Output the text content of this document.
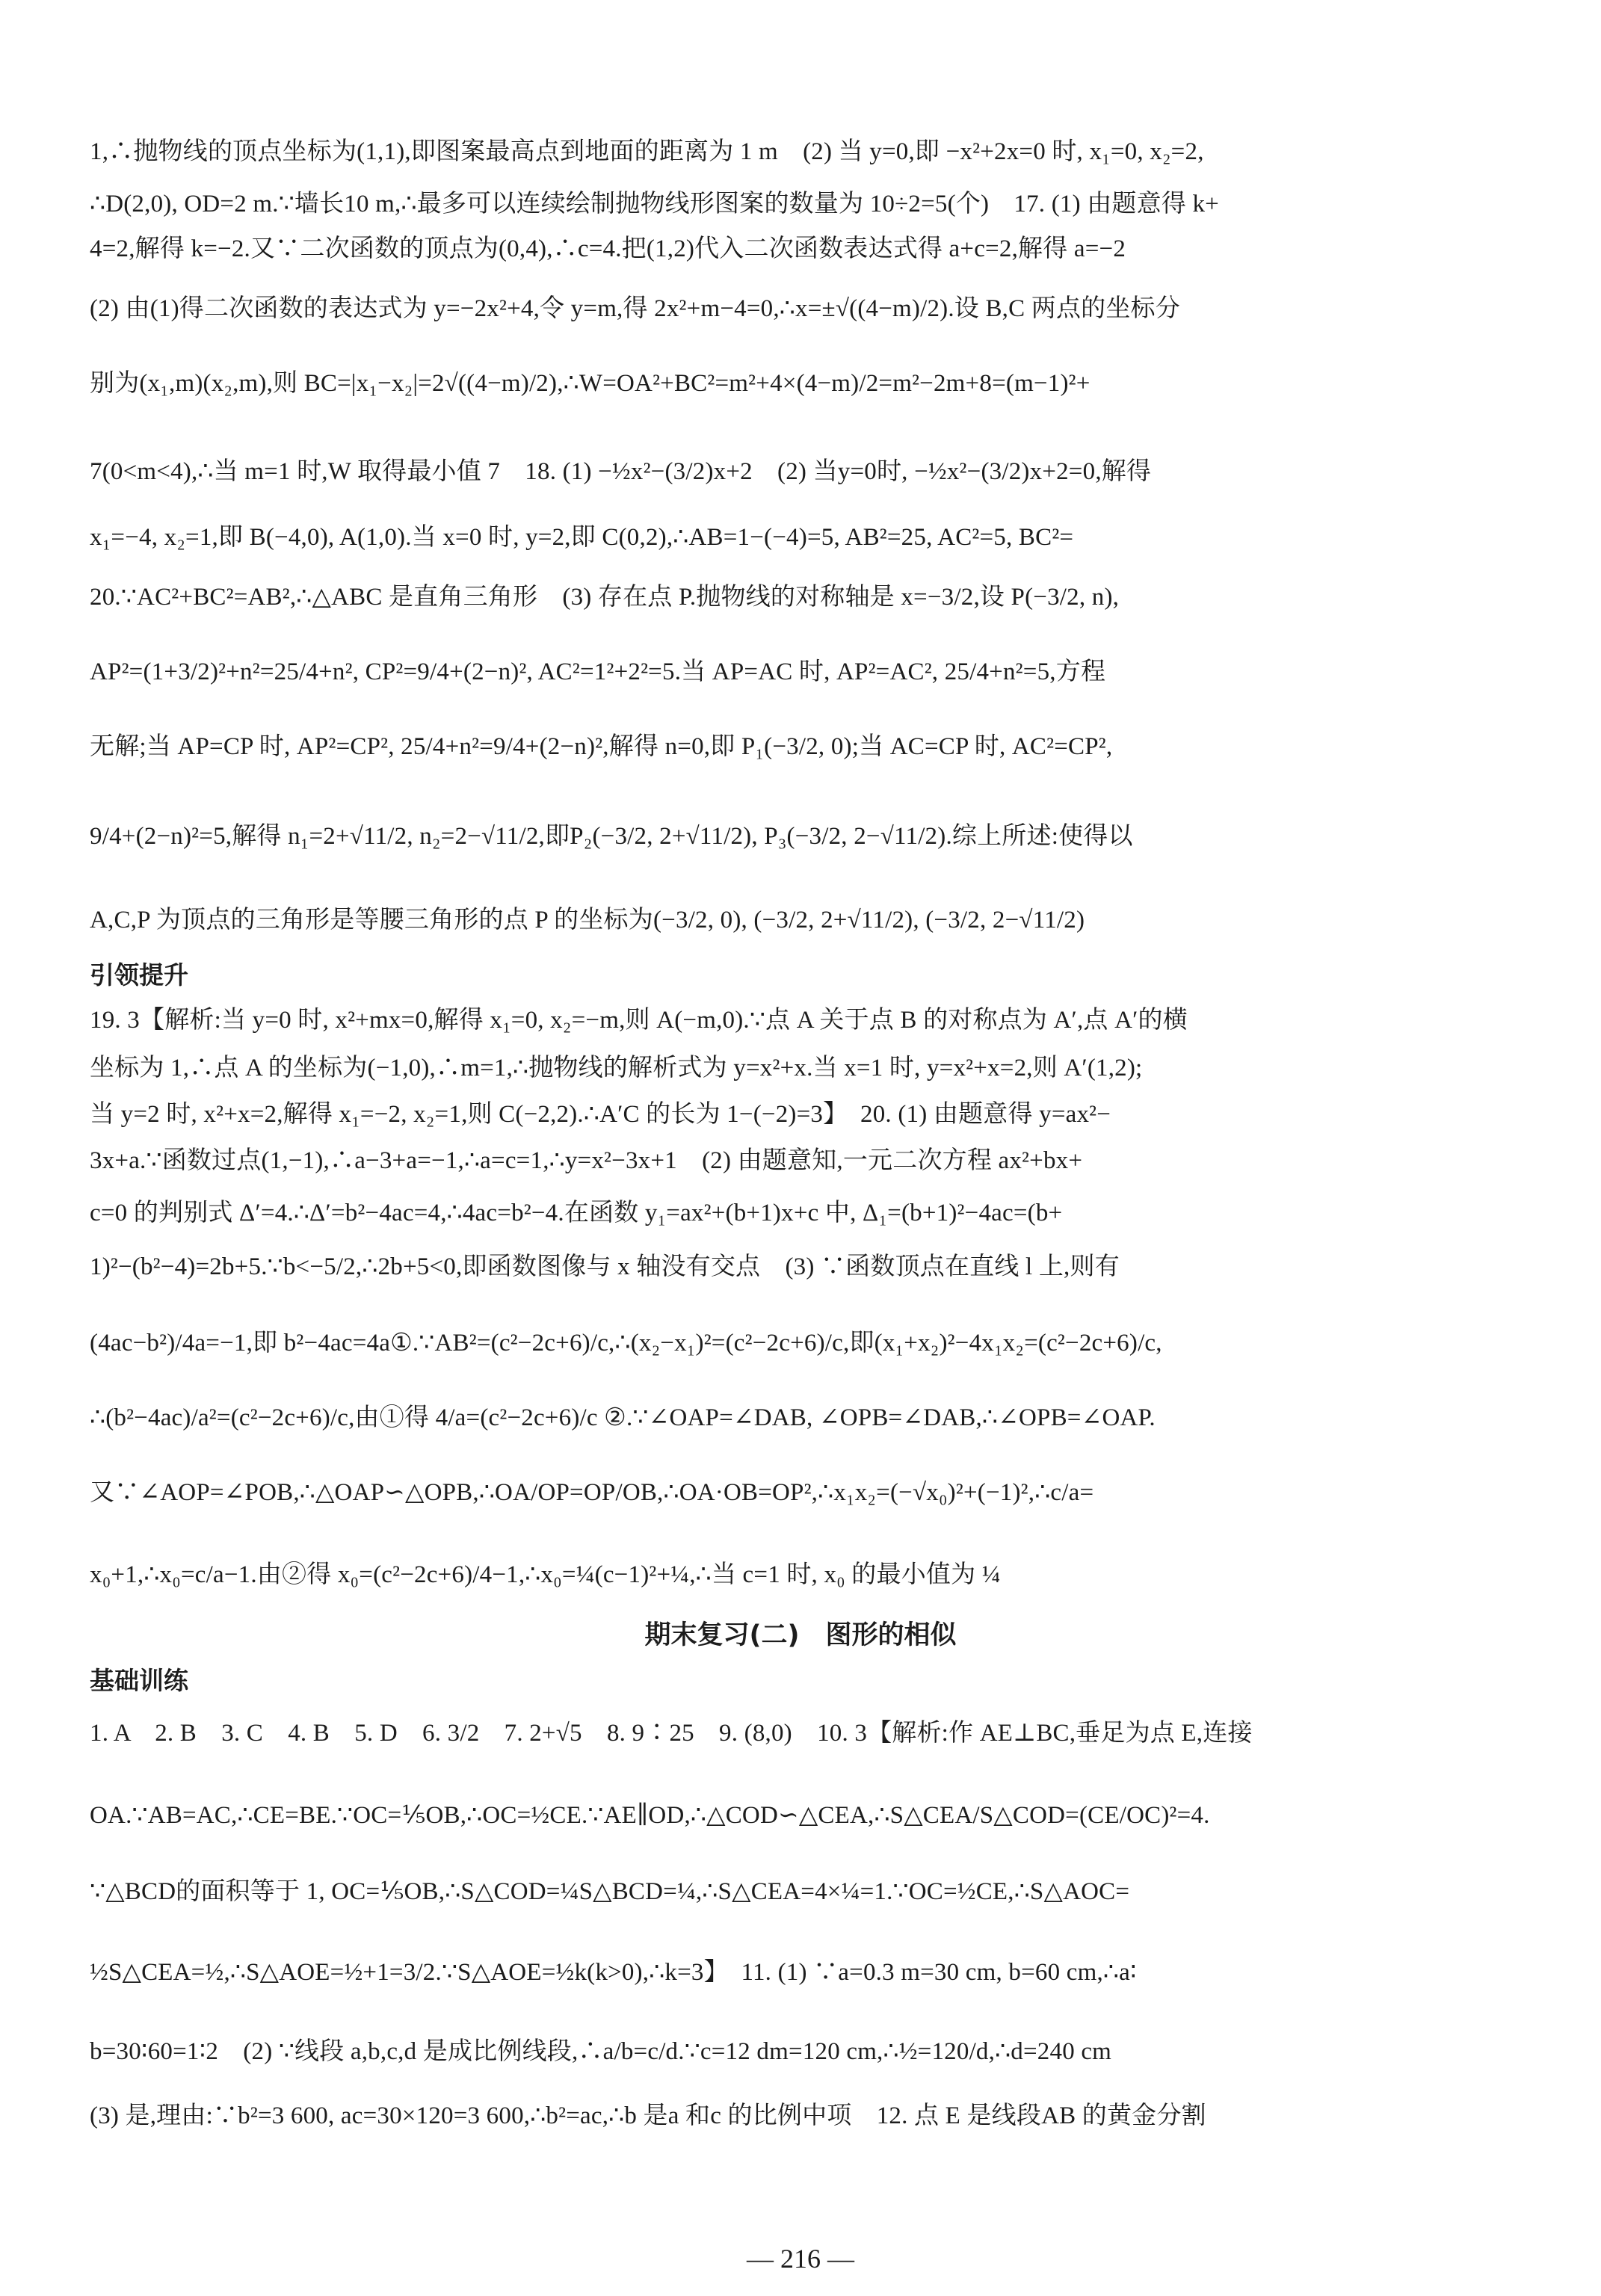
1,∴抛物线的顶点坐标为(1,1),即图案最高点到地面的距离为 1 m　(2) 当 y=0,即 −x²+2x=0 时, x₁=0, x₂=2,
∴D(2,0), OD=2 m.∵墙长10 m,∴最多可以连续绘制抛物线形图案的数量为 10÷2=5(个)　17. (1) 由题意得 k+
4=2,解得 k=−2.又∵二次函数的顶点为(0,4),∴c=4.把(1,2)代入二次函数表达式得 a+c=2,解得 a=−2
(2) 由(1)得二次函数的表达式为 y=−2x²+4,令 y=m,得 2x²+m−4=0,∴x=±√((4−m)/2).设 B,C 两点的坐标分
别为(x₁,m)(x₂,m),则 BC=|x₁−x₂|=2√((4−m)/2),∴W=OA²+BC²=m²+4×(4−m)/2=m²−2m+8=(m−1)²+
7(0<m<4),∴当 m=1 时,W 取得最小值 7　18. (1) −½x²−(3/2)x+2　(2) 当y=0时, −½x²−(3/2)x+2=0,解得
x₁=−4, x₂=1,即 B(−4,0), A(1,0).当 x=0 时, y=2,即 C(0,2),∴AB=1−(−4)=5, AB²=25, AC²=5, BC²=
20.∵AC²+BC²=AB²,∴△ABC 是直角三角形　(3) 存在点 P.抛物线的对称轴是 x=−3/2,设 P(−3/2, n),
AP²=(1+3/2)²+n²=25/4+n², CP²=9/4+(2−n)², AC²=1²+2²=5.当 AP=AC 时, AP²=AC², 25/4+n²=5,方程
无解;当 AP=CP 时, AP²=CP², 25/4+n²=9/4+(2−n)²,解得 n=0,即 P₁(−3/2, 0);当 AC=CP 时, AC²=CP²,
9/4+(2−n)²=5,解得 n₁=2+√11/2, n₂=2−√11/2,即P₂(−3/2, 2+√11/2), P₃(−3/2, 2−√11/2).综上所述:使得以
A,C,P 为顶点的三角形是等腰三角形的点 P 的坐标为(−3/2, 0), (−3/2, 2+√11/2), (−3/2, 2−√11/2)
引领提升
19. 3【解析:当 y=0 时, x²+mx=0,解得 x₁=0, x₂=−m,则 A(−m,0).∵点 A 关于点 B 的对称点为 A′,点 A′的横
坐标为 1,∴点 A 的坐标为(−1,0),∴m=1,∴抛物线的解析式为 y=x²+x.当 x=1 时, y=x²+x=2,则 A′(1,2);
当 y=2 时, x²+x=2,解得 x₁=−2, x₂=1,则 C(−2,2).∴A′C 的长为 1−(−2)=3】　20. (1) 由题意得 y=ax²−
3x+a.∵函数过点(1,−1),∴a−3+a=−1,∴a=c=1,∴y=x²−3x+1　(2) 由题意知,一元二次方程 ax²+bx+
c=0 的判别式 Δ′=4.∴Δ′=b²−4ac=4,∴4ac=b²−4.在函数 y₁=ax²+(b+1)x+c 中, Δ₁=(b+1)²−4ac=(b+
1)²−(b²−4)=2b+5.∵b<−5/2,∴2b+5<0,即函数图像与 x 轴没有交点　(3) ∵函数顶点在直线 l 上,则有
(4ac−b²)/4a=−1,即 b²−4ac=4a①.∵AB²=(c²−2c+6)/c,∴(x₂−x₁)²=(c²−2c+6)/c,即(x₁+x₂)²−4x₁x₂=(c²−2c+6)/c,
∴(b²−4ac)/a²=(c²−2c+6)/c,由①得 4/a=(c²−2c+6)/c ②.∵∠OAP=∠DAB, ∠OPB=∠DAB,∴∠OPB=∠OAP.
又∵∠AOP=∠POB,∴△OAP∽△OPB,∴OA/OP=OP/OB,∴OA·OB=OP²,∴x₁x₂=(−√x₀)²+(−1)²,∴c/a=
x₀+1,∴x₀=c/a−1.由②得 x₀=(c²−2c+6)/4−1,∴x₀=¼(c−1)²+¼,∴当 c=1 时, x₀ 的最小值为 ¼
期末复习(二)　图形的相似
基础训练
1. A　2. B　3. C　4. B　5. D　6. 3/2　7. 2+√5　8. 9∶25　9. (8,0)　10. 3【解析:作 AE⊥BC,垂足为点 E,连接
OA.∵AB=AC,∴CE=BE.∵OC=⅕OB,∴OC=½CE.∵AE∥OD,∴△COD∽△CEA,∴S△CEA/S△COD=(CE/OC)²=4.
∵△BCD的面积等于 1, OC=⅕OB,∴S△COD=¼S△BCD=¼,∴S△CEA=4×¼=1.∵OC=½CE,∴S△AOC=
½S△CEA=½,∴S△AOE=½+1=3/2.∵S△AOE=½k(k>0),∴k=3】　11. (1) ∵a=0.3 m=30 cm, b=60 cm,∴a∶
b=30∶60=1∶2　(2) ∵线段 a,b,c,d 是成比例线段,∴a/b=c/d.∵c=12 dm=120 cm,∴½=120/d,∴d=240 cm
(3) 是,理由:∵b²=3 600, ac=30×120=3 600,∴b²=ac,∴b 是a 和c 的比例中项　12. 点 E 是线段AB 的黄金分割
— 216 —
